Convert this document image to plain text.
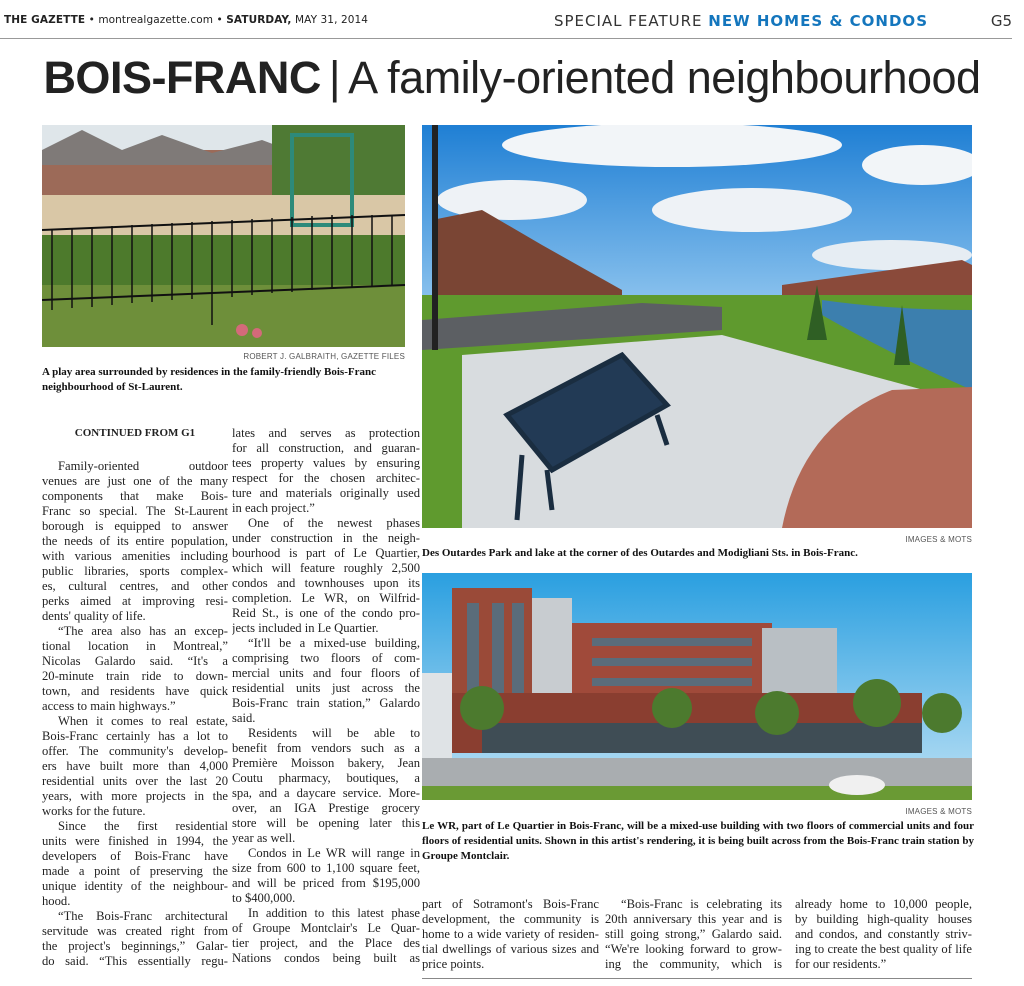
THE GAZETTE • montrealgazette.com • SATURDAY, MAY 31, 2014	SPECIAL FEATURE NEW HOMES & CONDOS	G5
BOIS-FRANC | A family-oriented neighbourhood
ROBERT J. GALBRAITH, GAZETTE FILES
A play area surrounded by residences in the family-friendly Bois-Franc neighbourhood of St-Laurent.
IMAGES & MOTS
Des Outardes Park and lake at the corner of des Outardes and Modigliani Sts. in Bois-Franc.
IMAGES & MOTS
Le WR, part of Le Quartier in Bois-Franc, will be a mixed-use building with two floors of commercial units and four floors of residential units. Shown in this artist's rendering, it is being built across from the Bois-Franc train station by Groupe Montclair.
CONTINUED FROM G1
Family-oriented outdoor
venues are just one of the many
components that make Bois-
Franc so special. The St-Laurent
borough is equipped to answer
the needs of its entire population,
with various amenities including
public libraries, sports complex-
es, cultural centres, and other
perks aimed at improving resi-
dents' quality of life.
“The area also has an excep-
tional location in Montreal,”
Nicolas Galardo said. “It's a
20-minute train ride to down-
town, and residents have quick
access to main highways.”
When it comes to real estate,
Bois-Franc certainly has a lot to
offer. The community's develop-
ers have built more than 4,000
residential units over the last 20
years, with more projects in the
works for the future.
Since the first residential
units were finished in 1994, the
developers of Bois-Franc have
made a point of preserving the
unique identity of the neighbour-
hood.
“The Bois-Franc architectural
servitude was created right from
the project's beginnings,” Galar-
do said. “This essentially regu-
lates and serves as protection
for all construction, and guaran-
tees property values by ensuring
respect for the chosen architec-
ture and materials originally used
in each project.”
One of the newest phases
under construction in the neigh-
bourhood is part of Le Quartier,
which will feature roughly 2,500
condos and townhouses upon its
completion. Le WR, on Wilfrid-
Reid St., is one of the condo pro-
jects included in Le Quartier.
“It'll be a mixed-use building,
comprising two floors of com-
mercial units and four floors of
residential units just across the
Bois-Franc train station,” Galardo
said.
Residents will be able to
benefit from vendors such as a
Première Moisson bakery, Jean
Coutu pharmacy, boutiques, a
spa, and a daycare service. More-
over, an IGA Prestige grocery
store will be opening later this
year as well.
Condos in Le WR will range in
size from 600 to 1,100 square feet,
and will be priced from $195,000
to $400,000.
In addition to this latest phase
of Groupe Montclair's Le Quar-
tier project, and the Place des
Nations condos being built as
part of Sotramont's Bois-Franc
development, the community is
home to a wide variety of residen-
tial dwellings of various sizes and
price points.
“Bois-Franc is celebrating its
20th anniversary this year and is
still going strong,” Galardo said.
“We're looking forward to grow-
ing the community, which is
already home to 10,000 people,
by building high-quality houses
and condos, and constantly striv-
ing to create the best quality of life
for our residents.”
